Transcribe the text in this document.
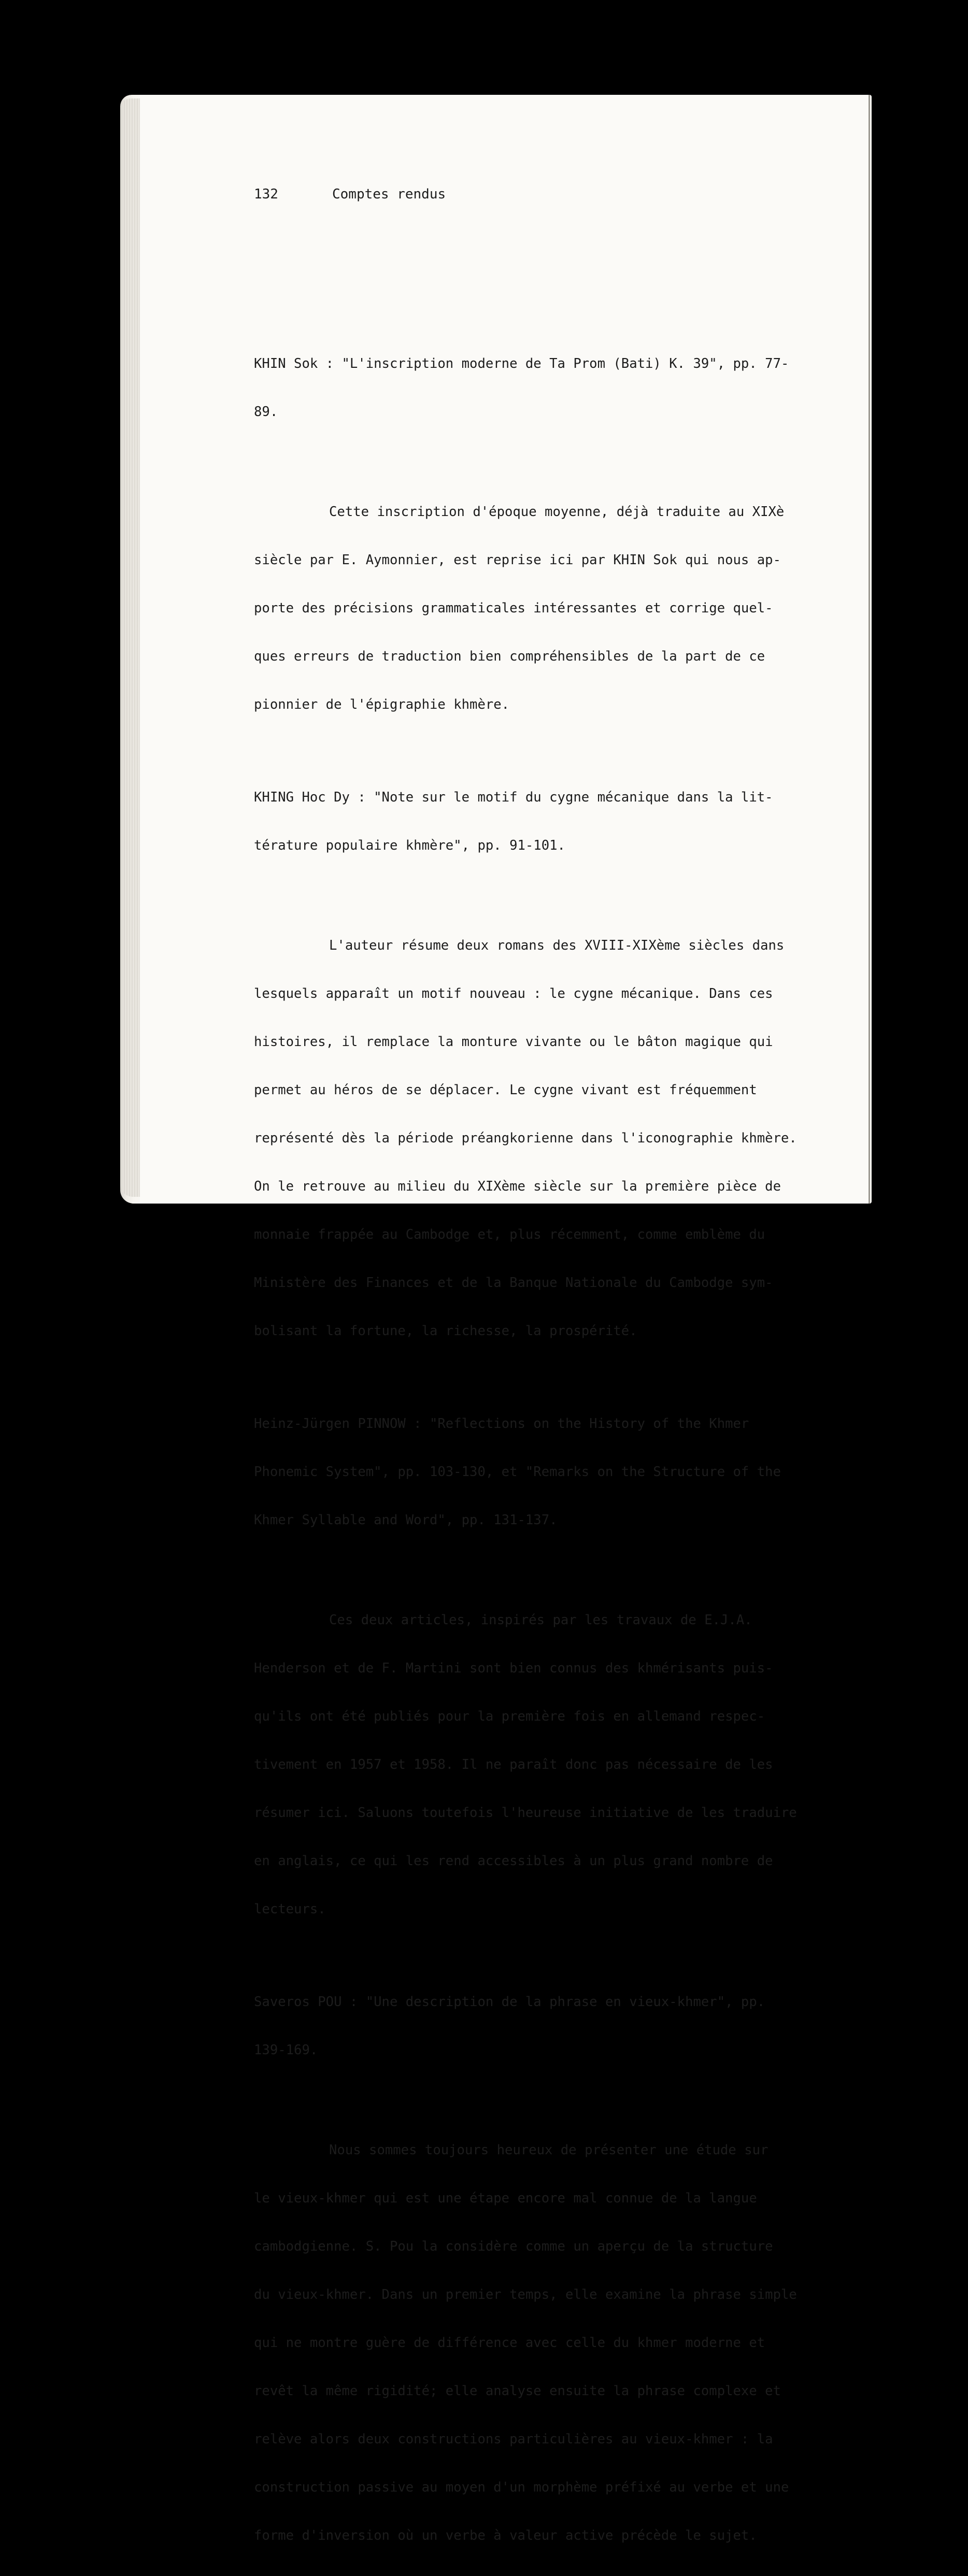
132	Comptes rendus

KHIN Sok : "L'inscription moderne de Ta Prom (Bati) K. 39", pp. 77-

89.

Cette inscription d'époque moyenne, déjà traduite au XIXè

siècle par E. Aymonnier, est reprise ici par KHIN Sok qui nous ap-

porte des précisions grammaticales intéressantes et corrige quel-

ques erreurs de traduction bien compréhensibles de la part de ce

pionnier de l'épigraphie khmère.

KHING Hoc Dy : "Note sur le motif du cygne mécanique dans la lit-

térature populaire khmère", pp. 91-101.

L'auteur résume deux romans des XVIII-XIXème siècles dans

lesquels apparaît un motif nouveau : le cygne mécanique. Dans ces

histoires, il remplace la monture vivante ou le bâton magique qui

permet au héros de se déplacer. Le cygne vivant est fréquemment

représenté dès la période préangkorienne dans l'iconographie khmère.

On le retrouve au milieu du XIXème siècle sur la première pièce de

monnaie frappée au Cambodge et, plus récemment, comme emblème du

Ministère des Finances et de la Banque Nationale du Cambodge sym-

bolisant la fortune, la richesse, la prospérité.

Heinz-Jürgen PINNOW : "Reflections on the History of the Khmer

Phonemic System", pp. 103-130, et "Remarks on the Structure of the

Khmer Syllable and Word", pp. 131-137.

Ces deux articles, inspirés par les travaux de E.J.A.

Henderson et de F. Martini sont bien connus des khmérisants puis-

qu'ils ont été publiés pour la première fois en allemand respec-

tivement en 1957 et 1958. Il ne paraît donc pas nécessaire de les

résumer ici. Saluons toutefois l'heureuse initiative de les traduire

en anglais, ce qui les rend accessibles à un plus grand nombre de

lecteurs.

Saveros POU : "Une description de la phrase en vieux-khmer", pp.

139-169.

Nous sommes toujours heureux de présenter une étude sur

le vieux-khmer qui est une étape encore mal connue de la langue

cambodgienne. S. Pou la considère comme un aperçu de la structure

du vieux-khmer. Dans un premier temps, elle examine la phrase simple

qui ne montre guère de différence avec celle du khmer moderne et

revêt la même rigidité; elle analyse ensuite la phrase complexe et

relève alors deux constructions particulières au vieux-khmer : la

construction passive au moyen d'un morphème préfixé au verbe et une

forme d'inversion où un verbe à valeur active précède le sujet.
